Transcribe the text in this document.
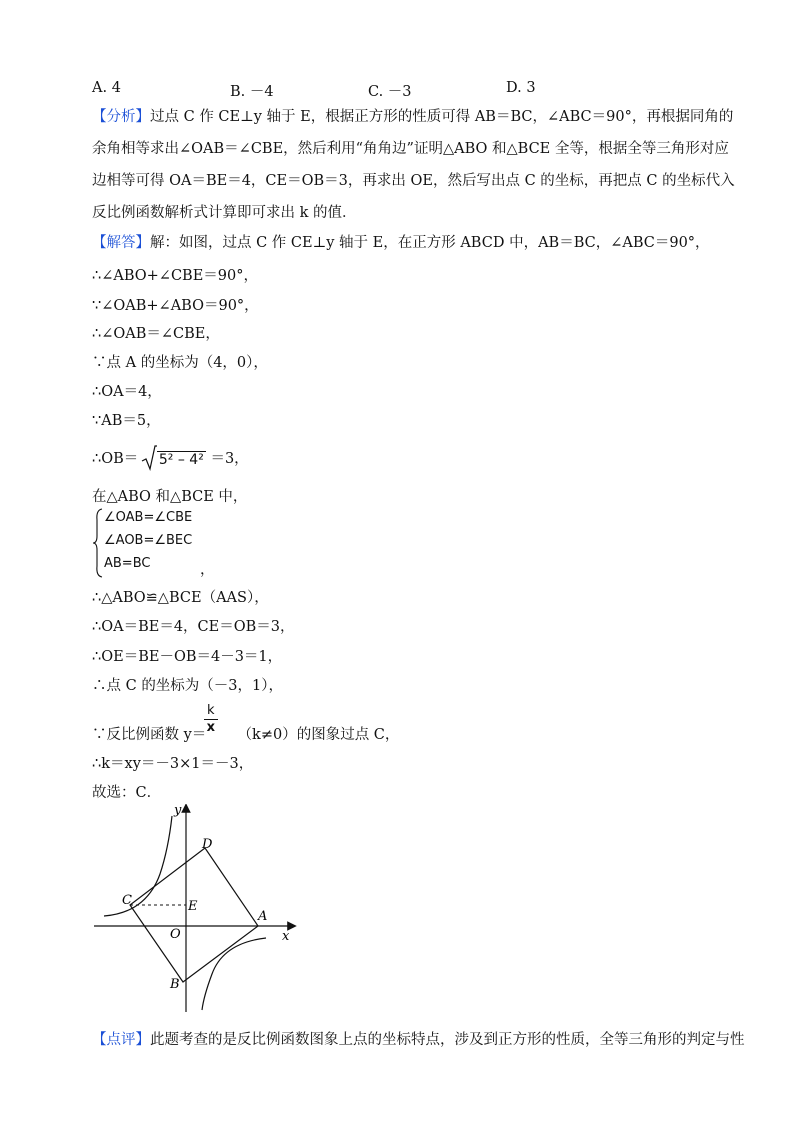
A. 4	B. －4	C. －3	D. 3
【分析】过点 C 作 CE⊥y 轴于 E，根据正方形的性质可得 AB＝BC，∠ABC＝90°，再根据同角的余角相等求出∠OAB＝∠CBE，然后利用“角角边”证明△ABO 和△BCE 全等，根据全等三角形对应边相等可得 OA＝BE＝4，CE＝OB＝3，再求出 OE，然后写出点 C 的坐标，再把点 C 的坐标代入反比例函数解析式计算即可求出 k 的值．
【解答】解：如图，过点 C 作 CE⊥y 轴于 E，在正方形 ABCD 中，AB＝BC，∠ABC＝90°，
∴∠ABO+∠CBE＝90°，
∵∠OAB+∠ABO＝90°，
∴∠OAB＝∠CBE，
∵点 A 的坐标为（4，0），
∴OA＝4，
∵AB＝5，
∴OB＝ 5² – 4² ＝3，
在△ABO 和△BCE 中，
∠OAB=∠CBE
∠AOB=∠BEC
AB=BC	，
∴△ABO≌△BCE（AAS），
∴OA＝BE＝4，CE＝OB＝3，
∴OE＝BE－OB＝4－3＝1，
∴点 C 的坐标为（－3，1），
∵反比例函数 y＝ （k≠0）的图象过点 C，
$\frac{k}{x}$
∴k＝xy＝－3×1＝－3，
故选：C．
y
x
O
A
B
C
D
E
【点评】此题考查的是反比例函数图象上点的坐标特点，涉及到正方形的性质，全等三角形的判定与性
